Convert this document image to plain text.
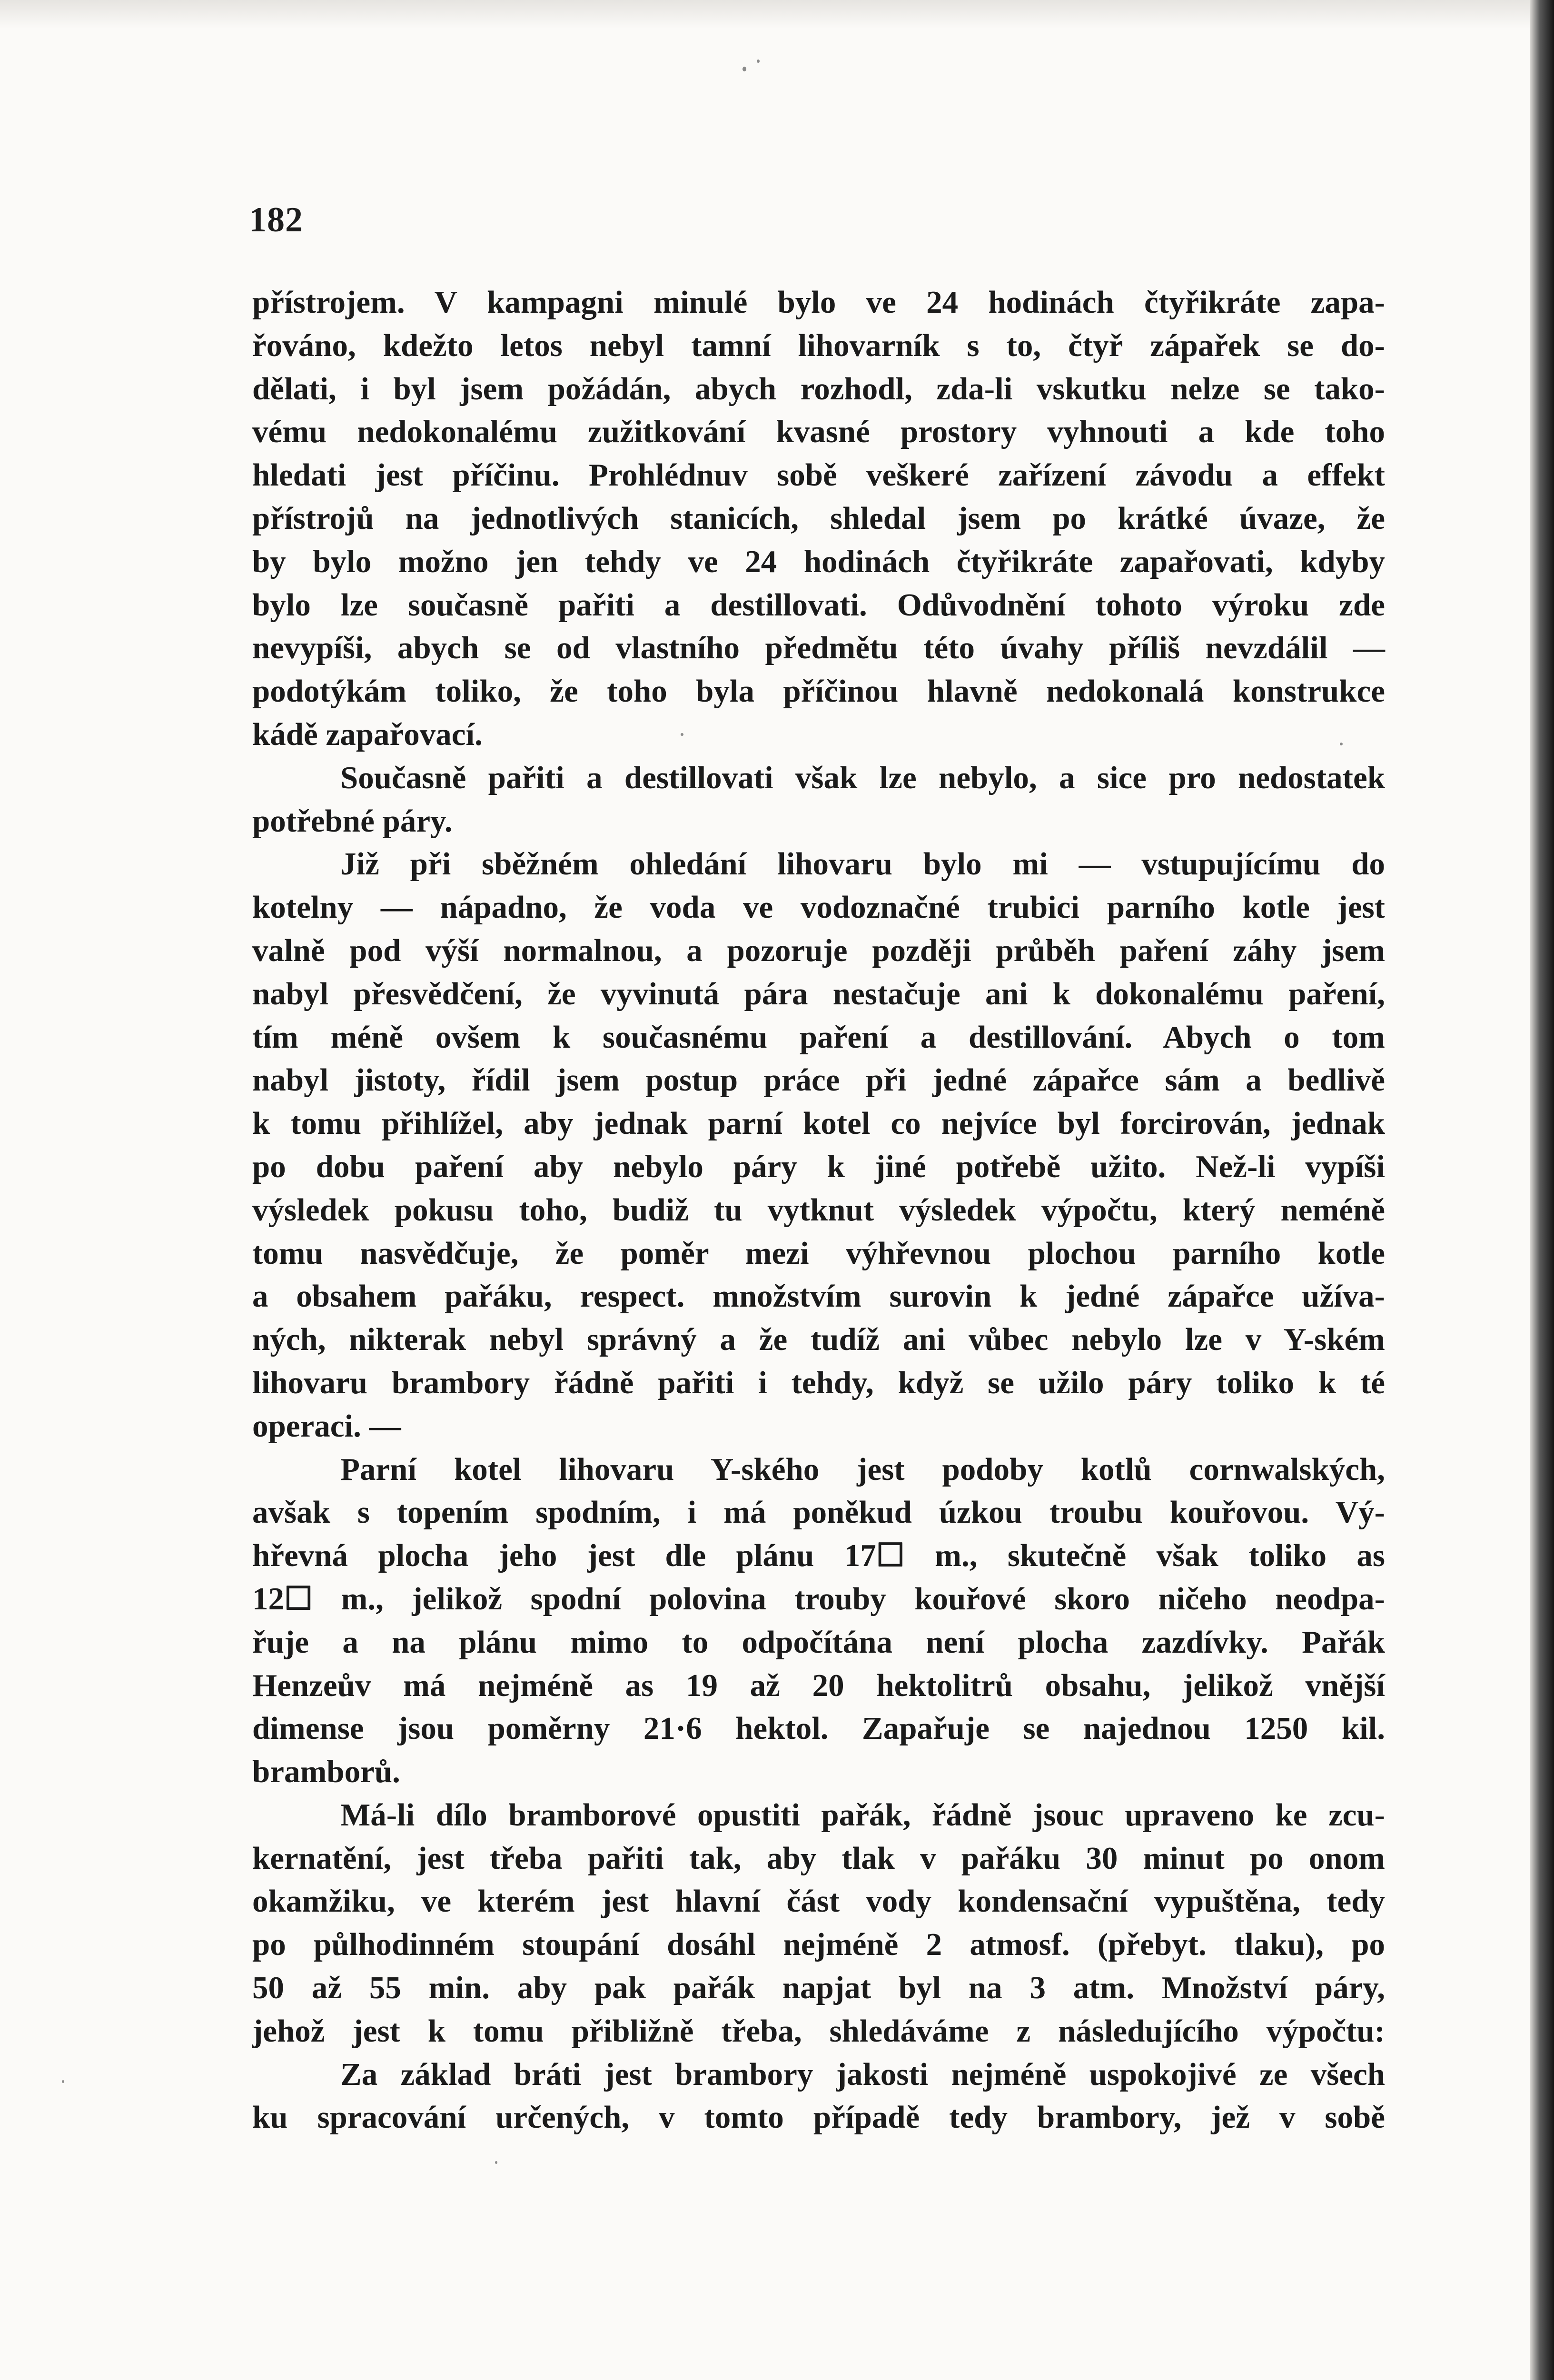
182
přístrojem. V kampagni minulé bylo ve 24 hodinách čtyřikráte zapa-
řováno, kdežto letos nebyl tamní lihovarník s to, čtyř zápařek se do-
dělati, i byl jsem požádán, abych rozhodl, zda-li vskutku nelze se tako-
vému nedokonalému zužitkování kvasné prostory vyhnouti a kde toho
hledati jest příčinu. Prohlédnuv sobě veškeré zařízení závodu a effekt
přístrojů na jednotlivých stanicích, shledal jsem po krátké úvaze, že
by bylo možno jen tehdy ve 24 hodinách čtyřikráte zapařovati, kdyby
bylo lze současně pařiti a destillovati. Odůvodnění tohoto výroku zde
nevypíši, abych se od vlastního předmětu této úvahy příliš nevzdálil —
podotýkám toliko, že toho byla příčinou hlavně nedokonalá konstrukce
kádě zapařovací.
Současně pařiti a destillovati však lze nebylo, a sice pro nedostatek
potřebné páry.
Již při sběžném ohledání lihovaru bylo mi — vstupujícímu do
kotelny — nápadno, že voda ve vodoznačné trubici parního kotle jest
valně pod výší normalnou, a pozoruje později průběh paření záhy jsem
nabyl přesvědčení, že vyvinutá pára nestačuje ani k dokonalému paření,
tím méně ovšem k současnému paření a destillování. Abych o tom
nabyl jistoty, řídil jsem postup práce při jedné zápařce sám a bedlivě
k tomu přihlížel, aby jednak parní kotel co nejvíce byl forcirován, jednak
po dobu paření aby nebylo páry k jiné potřebě užito. Než-li vypíši
výsledek pokusu toho, budiž tu vytknut výsledek výpočtu, který neméně
tomu nasvědčuje, že poměr mezi výhřevnou plochou parního kotle
a obsahem pařáku, respect. množstvím surovin k jedné zápařce užíva-
ných, nikterak nebyl správný a že tudíž ani vůbec nebylo lze v Y-ském
lihovaru brambory řádně pařiti i tehdy, když se užilo páry toliko k té
operaci. —
Parní kotel lihovaru Y-ského jest podoby kotlů cornwalských,
avšak s topením spodním, i má poněkud úzkou troubu kouřovou. Vý-
hřevná plocha jeho jest dle plánu 17☐ m., skutečně však toliko as
12☐ m., jelikož spodní polovina trouby kouřové skoro ničeho neodpa-
řuje a na plánu mimo to odpočítána není plocha zazdívky. Pařák
Henzeův má nejméně as 19 až 20 hektolitrů obsahu, jelikož vnější
dimense jsou poměrny 21·6 hektol. Zapařuje se najednou 1250 kil.
bramborů.
Má-li dílo bramborové opustiti pařák, řádně jsouc upraveno ke zcu-
kernatění, jest třeba pařiti tak, aby tlak v pařáku 30 minut po onom
okamžiku, ve kterém jest hlavní část vody kondensační vypuštěna, tedy
po půlhodinném stoupání dosáhl nejméně 2 atmosf. (přebyt. tlaku), po
50 až 55 min. aby pak pařák napjat byl na 3 atm. Množství páry,
jehož jest k tomu přibližně třeba, shledáváme z následujícího výpočtu:
Za základ bráti jest brambory jakosti nejméně uspokojivé ze všech
ku spracování určených, v tomto případě tedy brambory, jež v sobě
